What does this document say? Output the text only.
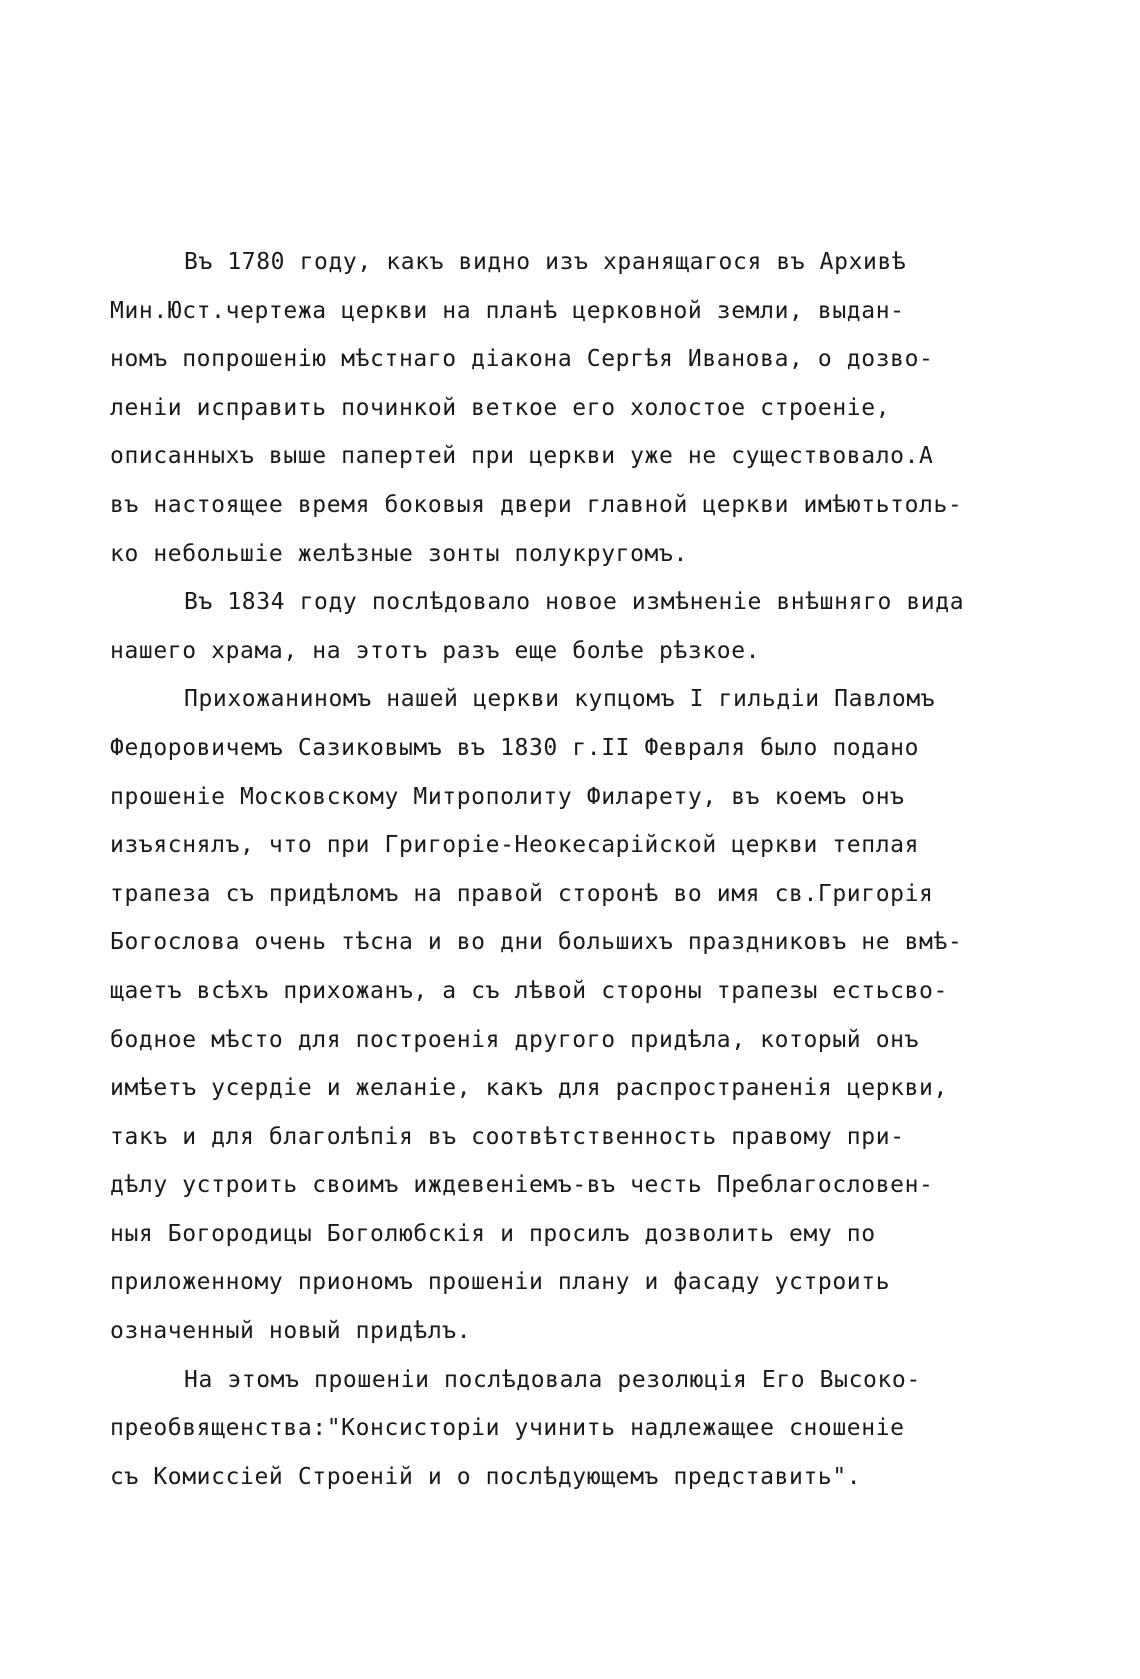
Въ 1780 году, какъ видно изъ хранящагося въ Архивѣ
Мин.Юст.чертежа церкви на планѣ церковной земли, выдан-
номъ попрошенію мѣстнаго діакона Сергѣя Иванова, о дозво-
леніи исправить починкой веткое его холостое строеніе,
описанныхъ выше папертей при церкви уже не существовало.А
въ настоящее время боковыя двери главной церкви имѣютьтоль-
ко небольшіе желѣзные зонты полукругомъ.
Въ 1834 году послѣдовало новое измѣненіе внѣшняго вида
нашего храма, на этотъ разъ еще болѣе рѣзкое.
Прихожаниномъ нашей церкви купцомъ I гильдіи Павломъ
Федоровичемъ Сазиковымъ въ 1830 г.II Февраля было подано
прошеніе Московскому Митрополиту Филарету, въ коемъ онъ
изъяснялъ, что при Григоріе-Неокесарійской церкви теплая
трапеза съ придѣломъ на правой сторонѣ во имя св.Григорія
Богослова очень тѣсна и во дни большихъ праздниковъ не вмѣ-
щаетъ всѣхъ прихожанъ, а съ лѣвой стороны трапезы естьсво-
бодное мѣсто для построенія другого придѣла, который онъ
имѣетъ усердіе и желаніе, какъ для распространенія церкви,
такъ и для благолѣпія въ соотвѣтственность правому при-
дѣлу устроить своимъ иждевеніемъ-въ честь Преблагословен-
ныя Богородицы Боголюбскія и просилъ дозволить ему по
приложенному приономъ прошеніи плану и фасаду устроить
означенный новый придѣлъ.
На этомъ прошеніи послѣдовала резолюція Его Высоко-
преобвященства:"Консисторіи учинить надлежащее сношеніе
съ Комиссіей Строеній и о послѣдующемъ представить".
